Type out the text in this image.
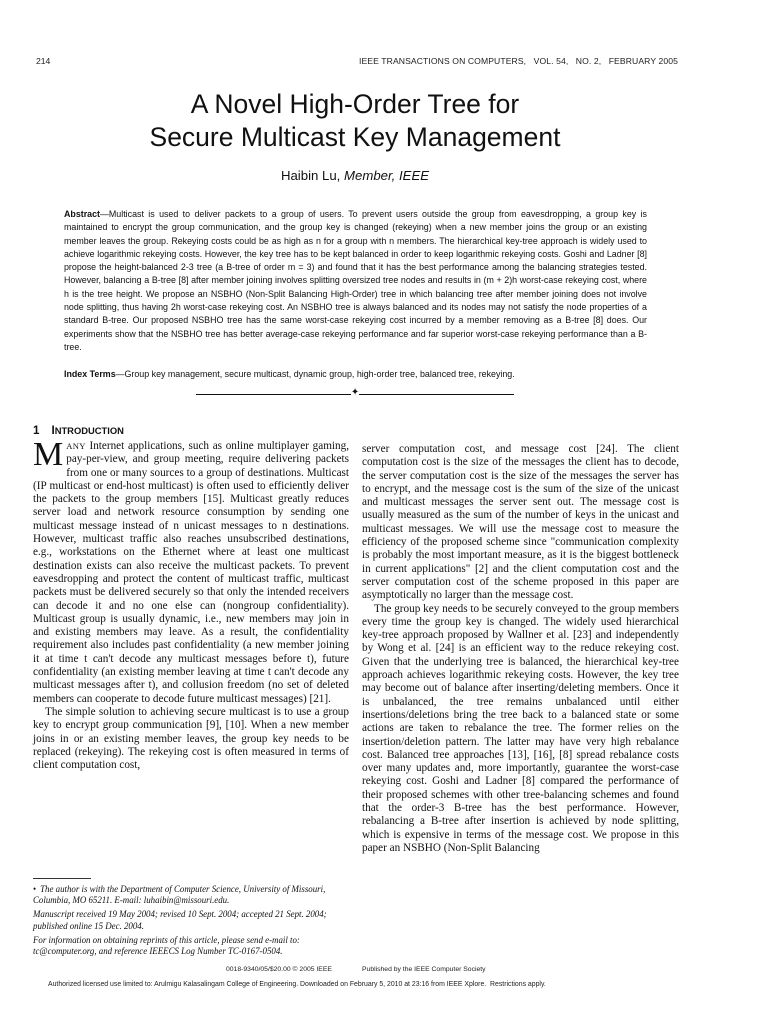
214	IEEE TRANSACTIONS ON COMPUTERS,   VOL. 54,   NO. 2,   FEBRUARY 2005
A Novel High-Order Tree for
Secure Multicast Key Management
Haibin Lu, Member, IEEE
Abstract—Multicast is used to deliver packets to a group of users. To prevent users outside the group from eavesdropping, a group key is maintained to encrypt the group communication, and the group key is changed (rekeying) when a new member joins the group or an existing member leaves the group. Rekeying costs could be as high as n for a group with n members. The hierarchical key-tree approach is widely used to achieve logarithmic rekeying costs. However, the key tree has to be kept balanced in order to keep logarithmic rekeying costs. Goshi and Ladner [8] propose the height-balanced 2-3 tree (a B-tree of order m = 3) and found that it has the best performance among the balancing strategies tested. However, balancing a B-tree [8] after member joining involves splitting oversized tree nodes and results in (m + 2)h worst-case rekeying cost, where h is the tree height. We propose an NSBHO (Non-Split Balancing High-Order) tree in which balancing tree after member joining does not involve node splitting, thus having 2h worst-case rekeying cost. An NSBHO tree is always balanced and its nodes may not satisfy the node properties of a standard B-tree. Our proposed NSBHO tree has the same worst-case rekeying cost incurred by a member removing as a B-tree [8] does. Our experiments show that the NSBHO tree has better average-case rekeying performance and far superior worst-case rekeying performance than a B-tree.
Index Terms—Group key management, secure multicast, dynamic group, high-order tree, balanced tree, rekeying.
✦
1 INTRODUCTION

MANY Internet applications, such as online multiplayer gaming, pay-per-view, and group meeting, require delivering packets from one or many sources to a group of destinations. Multicast (IP multicast or end-host multicast) is often used to efficiently deliver the packets to the group members [15]. Multicast greatly reduces server load and network resource consumption by sending one multicast message instead of n unicast messages to n destinations. However, multicast traffic also reaches unsubscribed destinations, e.g., workstations on the Ethernet where at least one multicast destination exists can also receive the multicast packets. To prevent eavesdropping and protect the content of multicast traffic, multicast packets must be delivered securely so that only the intended receivers can decode it and no one else can (nongroup confidentiality). Multicast group is usually dynamic, i.e., new members may join in and existing members may leave. As a result, the confidentiality requirement also includes past confidentiality (a new member joining it at time t can't decode any multicast messages before t), future confidentiality (an existing member leaving at time t can't decode any multicast messages after t), and collusion freedom (no set of deleted members can cooperate to decode future multicast messages) [21].

The simple solution to achieving secure multicast is to use a group key to encrypt group communication [9], [10]. When a new member joins in or an existing member leaves, the group key needs to be replaced (rekeying). The rekeying cost is often measured in terms of client computation cost,

server computation cost, and message cost [24]. The client computation cost is the size of the messages the client has to decode, the server computation cost is the size of the messages the server has to encrypt, and the message cost is the sum of the size of the unicast and multicast messages the server sent out. The message cost is usually measured as the sum of the number of keys in the unicast and multicast messages. We will use the message cost to measure the efficiency of the proposed scheme since "communication complexity is probably the most important measure, as it is the biggest bottleneck in current applications" [2] and the client computation cost and the server computation cost of the scheme proposed in this paper are asymptotically no larger than the message cost.

The group key needs to be securely conveyed to the group members every time the group key is changed. The widely used hierarchical key-tree approach proposed by Wallner et al. [23] and independently by Wong et al. [24] is an efficient way to the reduce rekeying cost. Given that the underlying tree is balanced, the hierarchical key-tree approach achieves logarithmic rekeying costs. However, the key tree may become out of balance after inserting/deleting members. Once it is unbalanced, the tree remains unbalanced until either insertions/deletions bring the tree back to a balanced state or some actions are taken to rebalance the tree. The former relies on the insertion/deletion pattern. The latter may have very high rebalance cost. Balanced tree approaches [13], [16], [8] spread rebalance costs over many updates and, more importantly, guarantee the worst-case rekeying cost. Goshi and Ladner [8] compared the performance of their proposed schemes with other tree-balancing schemes and found that the order-3 B-tree has the best performance. However, rebalancing a B-tree after insertion is achieved by node splitting, which is expensive in terms of the message cost. We propose in this paper an NSBHO (Non-Split Balancing

• The author is with the Department of Computer Science, University of Missouri, Columbia, MO 65211. E-mail: luhaibin@missouri.edu.

Manuscript received 19 May 2004; revised 10 Sept. 2004; accepted 21 Sept. 2004; published online 15 Dec. 2004.

For information on obtaining reprints of this article, please send e-mail to: tc@computer.org, and reference IEEECS Log Number TC-0167-0504.

0018-9340/05/$20.00 © 2005 IEEE	Published by the IEEE Computer Society
Authorized licensed use limited to: Arulmigu Kalasalingam College of Engineering. Downloaded on February 5, 2010 at 23:16 from IEEE Xplore.  Restrictions apply.
